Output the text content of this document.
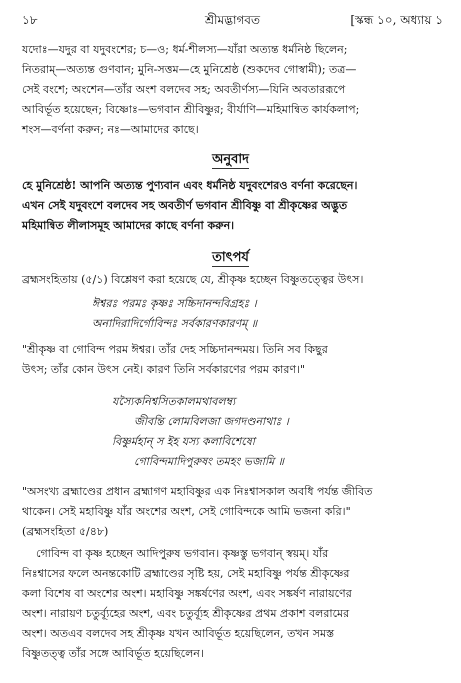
১৮	শ্রীমদ্ভাগবত	[স্কন্ধ ১০, অধ্যায় ১
যদোঃ—যদুর বা যদুবংশের; চ—ও; ধর্ম-শীলস্য—যাঁরা অত্যন্ত ধর্মনিষ্ঠ ছিলেন;
নিতরাম্—অত্যন্ত গুণবান; মুনি-সত্তম—হে মুনিশ্রেষ্ঠ (শুকদেব গোস্বামী); তত্র—
সেই বংশে; অংশেন—তাঁর অংশ বলদেব সহ; অবতীর্ণস্য—যিনি অবতাররূপে
আবির্ভূত হয়েছেন; বিষ্ণোঃ—ভগবান শ্রীবিষ্ণুর; বীর্যাণি—মহিমান্বিত কার্যকলাপ;
শংস—বর্ণনা করুন; নঃ—আমাদের কাছে।
অনুবাদ
হে মুনিশ্রেষ্ঠ! আপনি অত্যন্ত পুণ্যবান এবং ধর্মনিষ্ঠ যদুবংশেরও বর্ণনা করেছেন।
এখন সেই যদুবংশে বলদেব সহ অবতীর্ণ ভগবান শ্রীবিষ্ণু বা শ্রীকৃষ্ণের অদ্ভুত
মহিমান্বিত লীলাসমূহ আমাদের কাছে বর্ণনা করুন।
তাৎপর্য
ব্রহ্মসংহিতায় (৫/১) বিশ্লেষণ করা হয়েছে যে, শ্রীকৃষ্ণ হচ্ছেন বিষ্ণুতত্ত্বের উৎস।
ঈশ্বরঃ পরমঃ কৃষ্ণঃ সচ্চিদানন্দবিগ্রহঃ ।
অনাদিরাদির্গোবিন্দঃ সর্বকারণকারণম্ ॥
"শ্রীকৃষ্ণ বা গোবিন্দ পরম ঈশ্বর। তাঁর দেহ সচ্চিদানন্দময়। তিনি সব কিছুর
উৎস; তাঁর কোন উৎস নেই। কারণ তিনি সর্বকারণের পরম কারণ।"
যস্যৈকনিশ্বসিতকালমথাবলম্ব্য
জীবন্তি লোমবিলজা জগদণ্ডনাথাঃ ।
বিষ্ণুর্মহান্ স ইহ যস্য কলাবিশেষো
গোবিন্দমাদিপুরুষং তমহং ভজামি ॥
"অসংখ্য ব্রহ্মাণ্ডের প্রধান ব্রহ্মাগণ মহাবিষ্ণুর এক নিঃশ্বাসকাল অবধি পর্যন্ত জীবিত
থাকেন। সেই মহাবিষ্ণু যাঁর অংশের অংশ, সেই গোবিন্দকে আমি ভজনা করি।"
(ব্রহ্মসংহিতা ৫/৪৮)
গোবিন্দ বা কৃষ্ণ হচ্ছেন আদিপুরুষ ভগবান। কৃষ্ণস্তু ভগবান্ স্বয়ম্। যাঁর
নিঃশ্বাসের ফলে অনন্তকোটি ব্রহ্মাণ্ডের সৃষ্টি হয়, সেই মহাবিষ্ণু পর্যন্ত শ্রীকৃষ্ণের
কলা বিশেষ বা অংশের অংশ। মহাবিষ্ণু সঙ্কর্ষণের অংশ, এবং সঙ্কর্ষণ নারায়ণের
অংশ। নারায়ণ চতুর্ব্যূহের অংশ, এবং চতুর্ব্যূহ শ্রীকৃষ্ণের প্রথম প্রকাশ বলরামের
অংশ। অতএব বলদেব সহ শ্রীকৃষ্ণ যখন আবির্ভূত হয়েছিলেন, তখন সমস্ত
বিষ্ণুতত্ত্ব তাঁর সঙ্গে আবির্ভূত হয়েছিলেন।
